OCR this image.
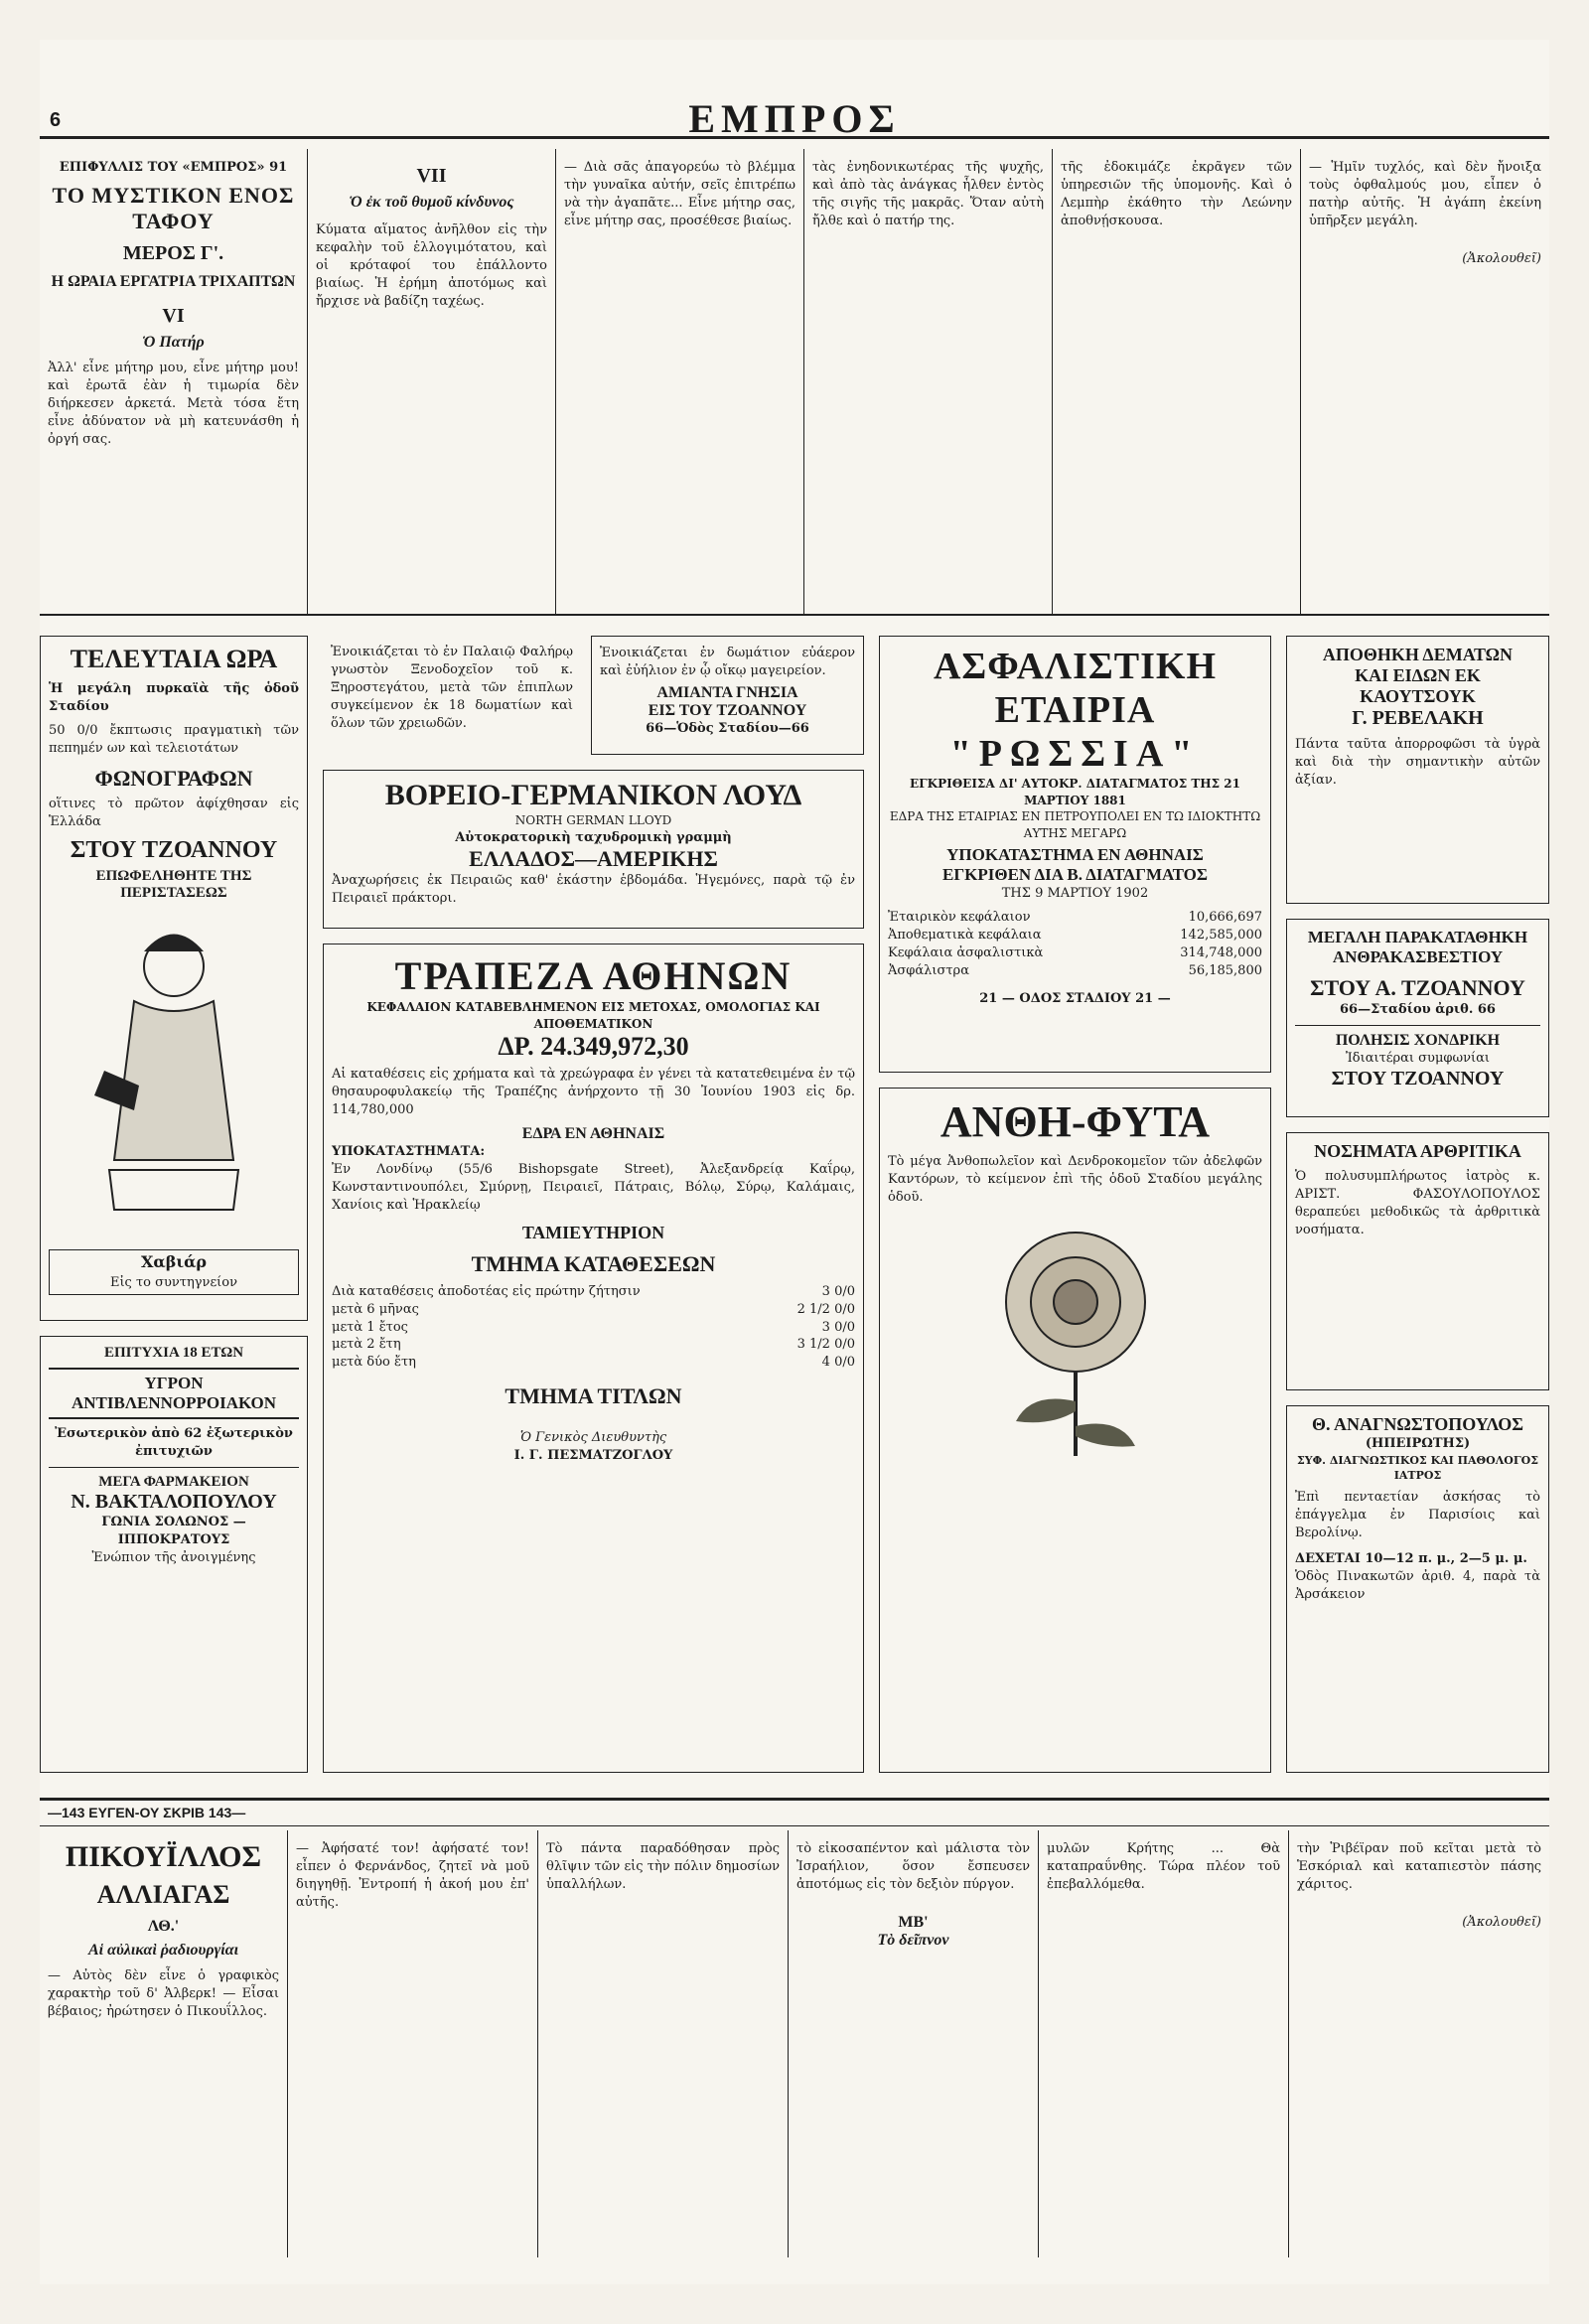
6	ΕΜΠΡΟΣ
ΕΠΙΦΥΛΛΙΣ ΤΟΥ «ΕΜΠΡΟΣ» 91
ΤΟ ΜΥΣΤΙΚΟΝ ΕΝΟΣ ΤΑΦΟΥ
ΜΕΡΟΣ Γ'.
Η ΩΡΑΙΑ ΕΡΓΑΤΡΙΑ ΤΡΙΧΑΠΤΩΝ
VI
Ὁ Πατήρ
Ἀλλ' εἶνε μήτηρ μου, εἶνε μήτηρ μου! καὶ ἐρωτᾶ ἐὰν ἡ τιμωρία δὲν διήρκεσεν ἀρκετά. Μετὰ τόσα ἔτη εἶνε ἀδύνατον νὰ μὴ κατευνάσθη ἡ ὀργή σας.
VII
Ὁ ἐκ τοῦ θυμοῦ κίνδυνος
Κύματα αἵματος ἀνῆλθον εἰς τὴν κεφαλὴν τοῦ ἑλλογιμότατου, καὶ οἱ κρόταφοί του ἐπάλλοντο βιαίως. Ἡ ἐρήμη ἀποτόμως καὶ ἤρχισε νὰ βαδίζη ταχέως.
— Διὰ σᾶς ἀπαγορεύω τὸ βλέμμα τὴν γυναῖκα αὐτήν, σεῖς ἐπιτρέπω νὰ τὴν ἀγαπᾶτε... Εἶνε μήτηρ σας, εἶνε μήτηρ σας, προσέθεσε βιαίως.
τὰς ἐνηδονικωτέρας τῆς ψυχῆς, καὶ ἀπὸ τὰς ἀνάγκας ἧλθεν ἐντὸς τῆς σιγῆς τῆς μακρᾶς. Ὅταν αὐτὴ ἤλθε καὶ ὁ πατήρ της.
τῆς ἐδοκιμάζε ἐκρᾶγεν τῶν ὑπηρεσιῶν τῆς ὑπομονῆς. Καὶ ὁ Λεμπὴρ ἐκάθητο τὴν Λεώνην ἀποθνῄσκουσα.
— Ἡμῖν τυχλός, καὶ δὲν ἤνοιξα τοὺς ὀφθαλμούς μου, εἶπεν ὁ πατὴρ αὐτῆς. Ἡ ἀγάπη ἐκείνη ὑπῆρξεν μεγάλη.
(Ἀκολουθεῖ)
ΤΕΛΕΥΤΑΙΑ ΩΡΑ

Ἡ μεγάλη πυρκαϊὰ τῆς ὁδοῦ Σταδίου

50 0/0 ἔκπτωσις πραγματικὴ τῶν πεπημέν ων καὶ τελειοτάτων

ΦΩΝΟΓΡΑΦΩΝ

οἵτινες τὸ πρῶτον ἀφίχθησαν εἰς Ἑλλάδα

ΣΤΟΥ ΤΖΟΑΝΝΟΥ
ΕΠΩΦΕΛΗΘΗΤΕ ΤΗΣ ΠΕΡΙΣΤΑΣΕΩΣ
Χαβιάρ
Εἰς το συντηγνείον
ΕΠΙΤΥΧΙΑ 18 ΕΤΩΝ
ΥΓΡΟΝ ΑΝΤΙΒΛΕΝΝΟΡΡΟΙΑΚΟΝ

Ἐσωτερικὸν ἀπὸ 62 ἐξωτερικὸν ἐπιτυχιῶν

ΜΕΓΑ ΦΑΡΜΑΚΕΙΟΝ
Ν. ΒΑΚΤΑΛΟΠΟΥΛΟΥ

ΓΩΝΙΑ ΣΟΛΩΝΟΣ — ΙΠΠΟΚΡΑΤΟΥΣ

Ἐνώπιον τῆς ἀνοιγμένης

Ἐνοικιάζεται τὸ ἐν Παλαιῷ Φαλήρῳ γνωστὸν Ξενοδοχεῖον τοῦ κ. Ξηροστεγάτου, μετὰ τῶν ἐπιπλων συγκείμενον ἐκ 18 δωματίων καὶ ὅλων τῶν χρειωδῶν.

Ἐνοικιάζεται ἐν δωμάτιον εὐάερον καὶ ἐὐήλιον ἐν ᾧ οἴκῳ μαγειρείον.

ΑΜΙΑΝΤΑ ΓΝΗΣΙΑ
ΕΙΣ ΤΟΥ ΤΖΟΑΝΝΟΥ

66—Ὁδὸς Σταδίου—66

ΒΟΡΕΙΟ-ΓΕΡΜΑΝΙΚΟΝ ΛΟΥΔ

NORTH GERMAN LLOYD

Αὐτοκρατορικὴ ταχυδρομικὴ γραμμὴ

ΕΛΛΑΔΟΣ—ΑΜΕΡΙΚΗΣ

Ἀναχωρήσεις ἐκ Πειραιῶς καθ' ἑκάστην ἑβδομάδα. Ἡγεμόνες, παρὰ τῷ ἐν Πειραιεῖ πράκτορι.

ΤΡΑΠΕΖΑ ΑΘΗΝΩΝ

ΚΕΦΑΛΑΙΟΝ ΚΑΤΑΒΕΒΛΗΜΕΝΟΝ ΕΙΣ ΜΕΤΟΧΑΣ, ΟΜΟΛΟΓΙΑΣ ΚΑΙ ΑΠΟΘΕΜΑΤΙΚΟΝ

ΔΡ. 24.349,972,30

Αἱ καταθέσεις εἰς χρήματα καὶ τὰ χρεώγραφα ἐν γένει τὰ κατατεθειμένα ἐν τῷ θησαυροφυλακείῳ τῆς Τραπέζης ἀνήρχοντο τῇ 30 Ἰουνίου 1903 εἰς δρ. 114,780,000

ΕΔΡΑ ΕΝ ΑΘΗΝΑΙΣ

ΥΠΟΚΑΤΑΣΤΗΜΑΤΑ:

Ἐν Λονδίνῳ (55/6 Bishopsgate Street), Ἀλεξανδρείᾳ Καΐρῳ, Κωνσταντινουπόλει, Σμύρνῃ, Πειραιεῖ, Πάτραις, Βόλῳ, Σύρῳ, Καλάμαις, Χανίοις καὶ Ἡρακλείῳ

ΤΑΜΙΕΥΤΗΡΙΟΝ
ΤΜΗΜΑ ΚΑΤΑΘΕΣΕΩΝ
Διὰ καταθέσεις ἀποδοτέας εἰς πρώτην ζήτησιν	3 0/0
μετὰ 6 μῆνας	2 1/2 0/0
μετὰ 1 ἔτος	3 0/0
μετὰ 2 ἔτη	3 1/2 0/0
μετὰ δύο ἔτη	4 0/0
ΤΜΗΜΑ ΤΙΤΛΩΝ

Ὁ Γενικὸς Διευθυντὴς

Ι. Γ. ΠΕΣΜΑΤΖΟΓΛΟΥ

ΑΣΦΑΛΙΣΤΙΚΗ ΕΤΑΙΡΙΑ
"ΡΩΣΣΙΑ"

ΕΓΚΡΙΘΕΙΣΑ ΔΙ' ΑΥΤΟΚΡ. ΔΙΑΤΑΓΜΑΤΟΣ ΤΗΣ 21 ΜΑΡΤΙΟΥ 1881

ΕΔΡΑ ΤΗΣ ΕΤΑΙΡΙΑΣ ΕΝ ΠΕΤΡΟΥΠΟΛΕΙ ΕΝ ΤΩ ΙΔΙΟΚΤΗΤΩ ΑΥΤΗΣ ΜΕΓΑΡΩ

ΥΠΟΚΑΤΑΣΤΗΜΑ ΕΝ ΑΘΗΝΑΙΣ
ΕΓΚΡΙΘΕΝ ΔΙΑ Β. ΔΙΑΤΑΓΜΑΤΟΣ

ΤΗΣ 9 ΜΑΡΤΙΟΥ 1902

Ἐταιρικὸν κεφάλαιον	10,666,697
Ἀποθεματικὰ κεφάλαια	142,585,000
Κεφάλαια ἀσφαλιστικὰ	314,748,000
Ἀσφάλιστρα	56,185,800

21 — ΟΔΟΣ ΣΤΑΔΙΟΥ 21 —

ΑΝΘΗ-ΦΥΤΑ

Τὸ μέγα Ἀνθοπωλεῖον καὶ Δενδροκομεῖον τῶν ἀδελφῶν Καντόρων, τὸ κείμενον ἐπὶ τῆς ὁδοῦ Σταδίου μεγάλης ὁδοῦ.

ΑΠΟΘΗΚΗ ΔΕΜΑΤΩΝ
ΚΑΙ ΕΙΔΩΝ ΕΚ ΚΑΟΥΤΣΟΥΚ
Γ. ΡΕΒΕΛΑΚΗ

Πάντα ταῦτα ἀπορροφῶσι τὰ ὑγρὰ καὶ διὰ τὴν σημαντικὴν αὐτῶν ἀξίαν.

ΜΕΓΑΛΗ ΠΑΡΑΚΑΤΑΘΗΚΗ
ΑΝΘΡΑΚΑΣΒΕΣΤΙΟΥ
ΣΤΟΥ Α. ΤΖΟΑΝΝΟΥ

66—Σταδίου ἀριθ. 66

ΠΟΛΗΣΙΣ ΧΟΝΔΡΙΚΗ

Ἰδιαιτέραι συμφωνίαι

ΣΤΟΥ ΤΖΟΑΝΝΟΥ
ΝΟΣΗΜΑΤΑ ΑΡΘΡΙΤΙΚΑ

Ὁ πολυσυμπλήρωτος ἰατρὸς κ. ΑΡΙΣΤ. ΦΑΣΟΥΛΟΠΟΥΛΟΣ θεραπεύει μεθοδικῶς τὰ ἀρθριτικὰ νοσήματα.

Θ. ΑΝΑΓΝΩΣΤΟΠΟΥΛΟΣ

(ΗΠΕΙΡΩΤΗΣ)

ΣΥΦ. ΔΙΑΓΝΩΣΤΙΚΟΣ ΚΑΙ ΠΑΘΟΛΟΓΟΣ ΙΑΤΡΟΣ

Ἐπὶ πενταετίαν ἀσκήσας τὸ ἐπάγγελμα ἐν Παρισίοις καὶ Βερολίνῳ.

ΔΕΧΕΤΑΙ 10—12 π. μ., 2—5 μ. μ.

Ὁδὸς Πινακωτῶν ἀριθ. 4, παρὰ τὰ Ἀρσάκειον

—143 ΕΥΓΕΝ-ΟΥ ΣΚΡΙΒ 143—
ΠΙΚΟΥΪΛΛΟΣ
ΑΛΛΙΑΓΑΣ
ΛΘ.'
Αἱ αὐλικαὶ ῥαδιουργίαι
— Αὐτὸς δὲν εἶνε ὁ γραφικὸς χαρακτὴρ τοῦ δ' Ἀλβερκ! — Εἶσαι βέβαιος; ἠρώτησεν ὁ Πικουΐλλος.
— Ἀφήσατέ τον! ἀφήσατέ τον! εἶπεν ὁ Φερνάνδος, ζητεῖ νὰ μοῦ διηγηθῇ. Ἐντροπή ἡ ἀκοή μου ἐπ' αὐτῆς.
Τὸ πάντα παραδόθησαν πρὸς θλῖψιν τῶν εἰς τὴν πόλιν δημοσίων ὑπαλλήλων.
τὸ εἰκοσαπέντον καὶ μάλιστα τὸν Ἰσραήλιον, ὅσον ἔσπευσεν ἀποτόμως εἰς τὸν δεξιὸν πύργον.
ΜΒ'
Τὸ δεῖπνον
μυλῶν Κρήτης ... Θὰ καταπραΰνθης. Τώρα πλέον τοῦ ἐπεβαλλόμεθα.
τὴν Ῥιβέϊραν ποῦ κεῖται μετὰ τὸ Ἑσκόριαλ καὶ καταπιεστὸν πάσης χάριτος.
(Ἀκολουθεῖ)
